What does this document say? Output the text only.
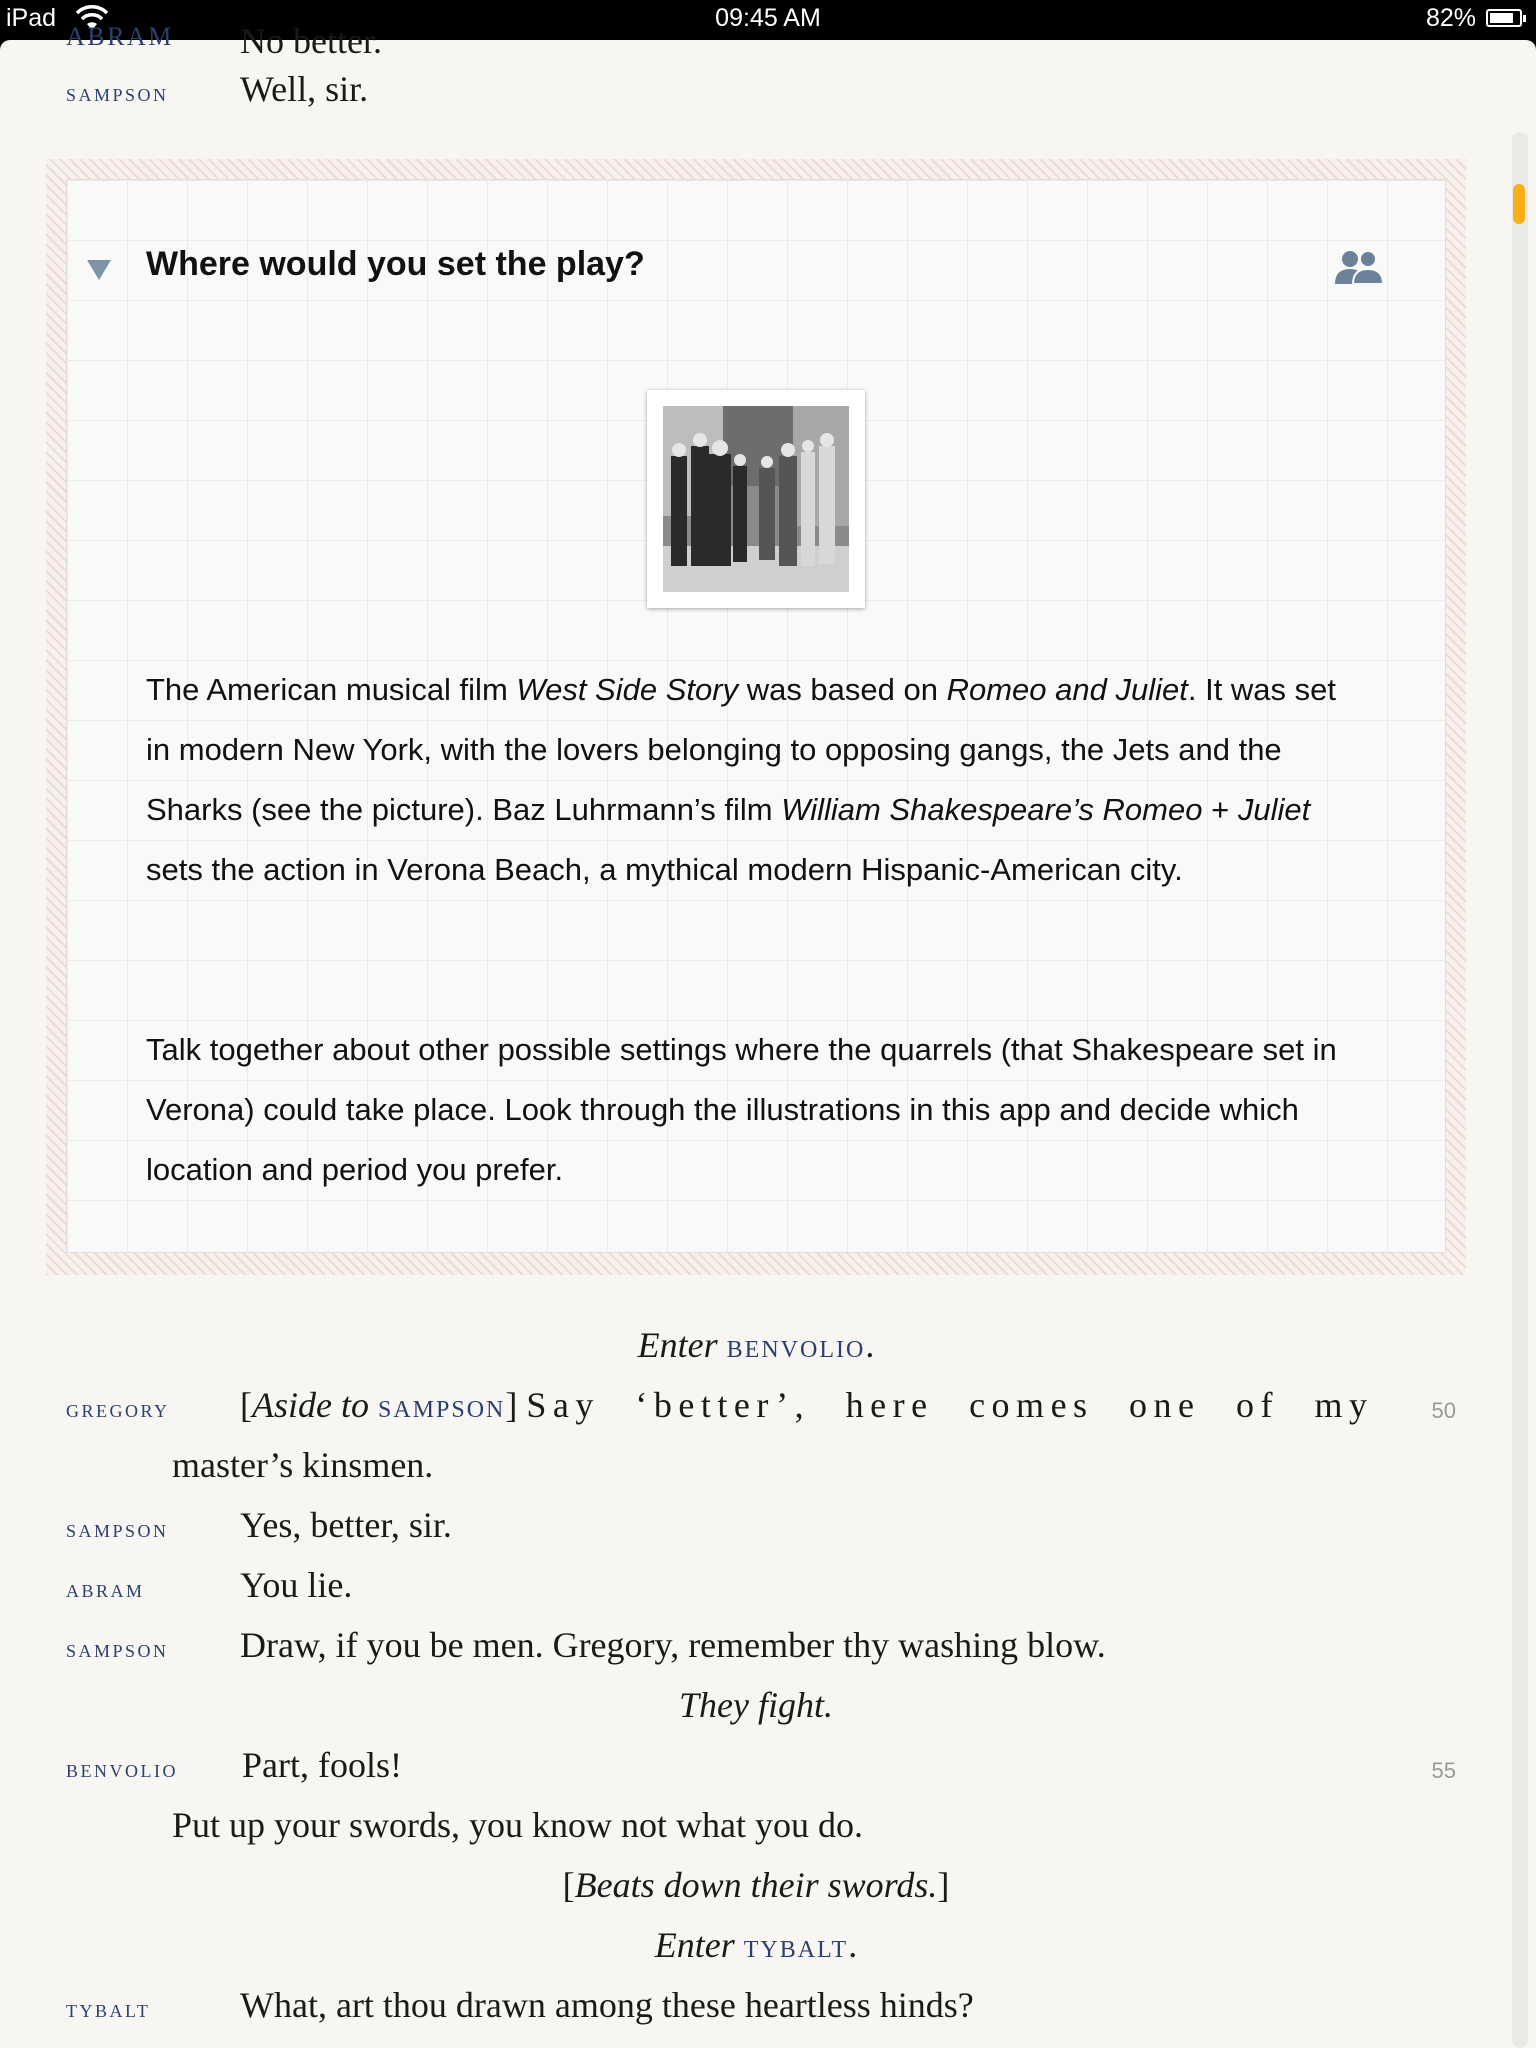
iPad	09:45 AM	82%
ABRAM No better.
sampson Well, sir.
Where would you set the play?
The American musical film West Side Story was based on Romeo and Juliet. It was set in modern New York, with the lovers belonging to opposing gangs, the Jets and the Sharks (see the picture). Baz Luhrmann’s film William Shakespeare’s Romeo + Juliet sets the action in Verona Beach, a mythical modern Hispanic-American city.
Talk together about other possible settings where the quarrels (that Shakespeare set in Verona) could take place. Look through the illustrations in this app and decide which location and period you prefer.
Enter benvolio.
gregory [Aside to sampson] Say ‘better’, here comes one of my	50
master’s kinsmen.
sampson Yes, better, sir.
abram	You lie.
sampson Draw, if you be men. Gregory, remember thy washing blow.
They fight.
benvolio Part, fools!	55
Put up your swords, you know not what you do.
[Beats down their swords.]
Enter tybalt.
tybalt What, art thou drawn among these heartless hinds?
